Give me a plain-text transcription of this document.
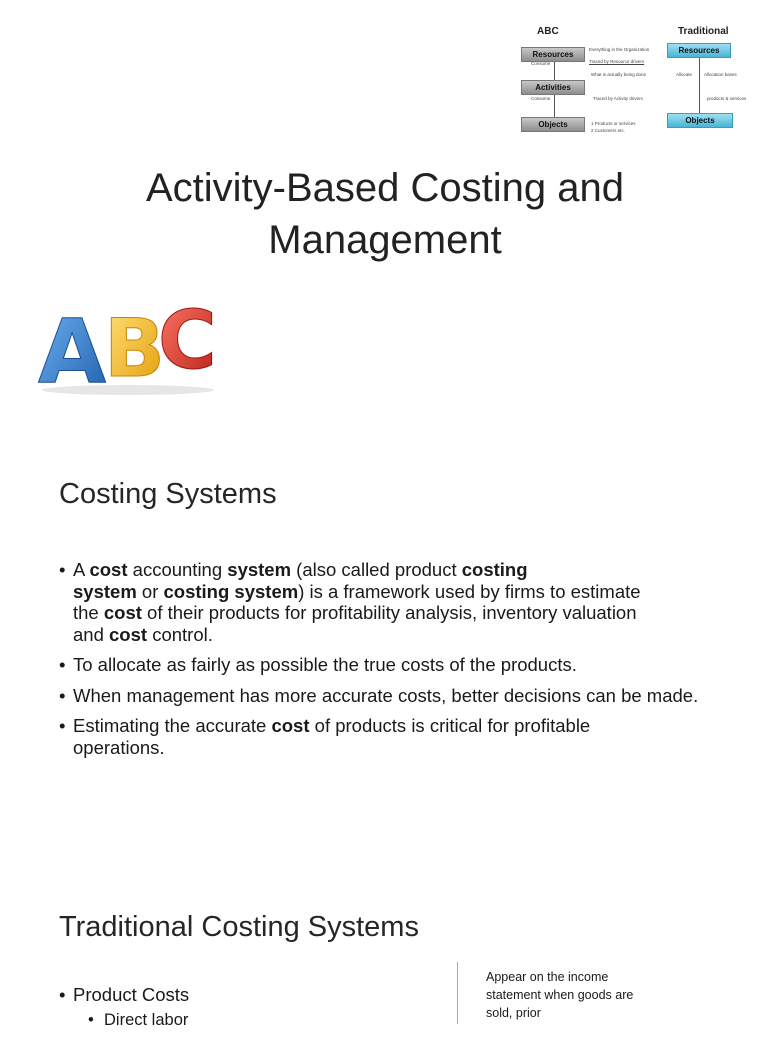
ABC	Traditional
Resources
Activities
Objects
Resources
Objects
Everything in the Organization
Consume	Traced by Resource drivers
What is actually being done	Allocate	Allocation bases
Consume	Traced by Activity drivers	products & services
1 Products or services
2 Customers etc.
Activity-Based Costing and
Management
C
B
A
Costing Systems
• A cost accounting system (also called product costing
system or costing system) is a framework used by firms to estimate
the cost of their products for profitability analysis, inventory valuation
and cost control.
• To allocate as fairly as possible the true costs of the products.
• When management has more accurate costs, better decisions can be made.
• Estimating the accurate cost of products is critical for profitable operations.
Traditional Costing Systems
• Product Costs
• Direct labor
Appear on the income statement when goods are sold, prior
